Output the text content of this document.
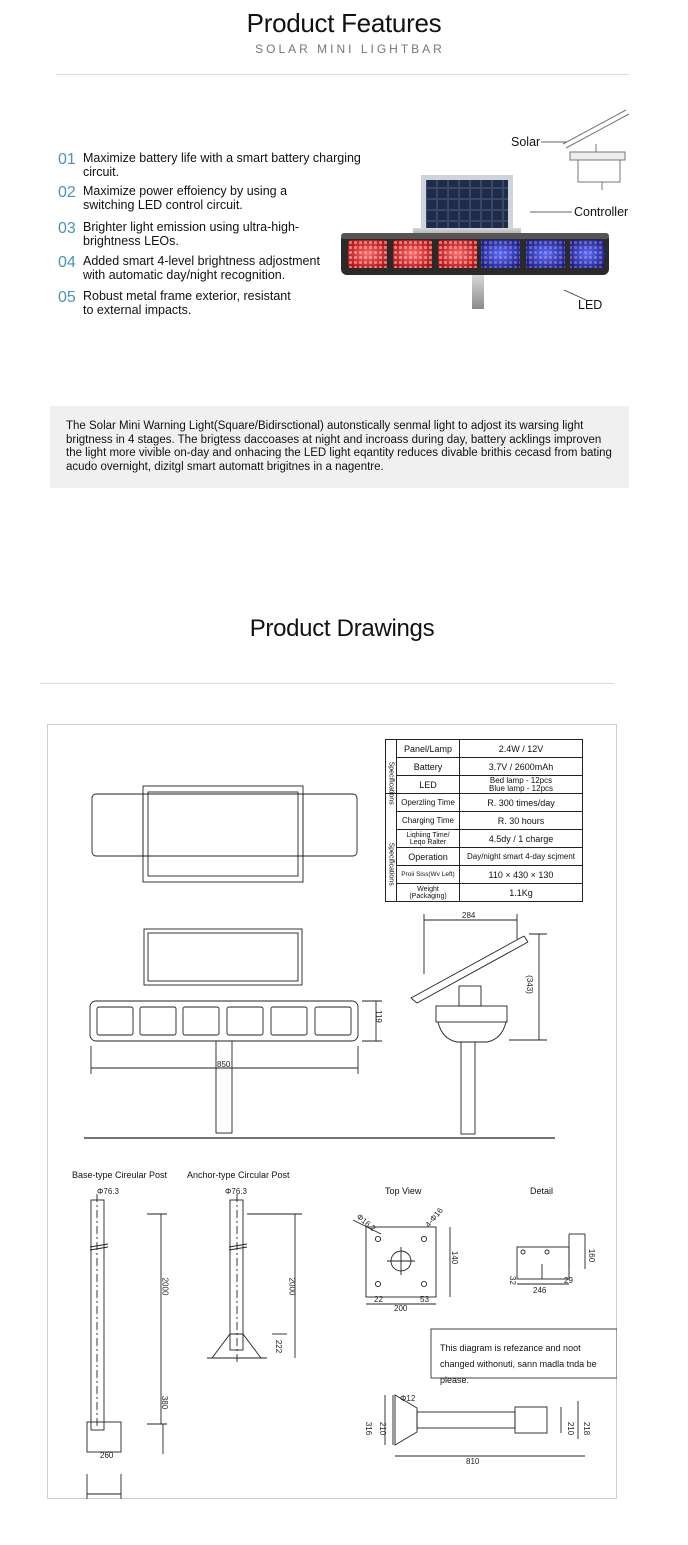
Product Features
SOLAR MINI LIGHTBAR
01 Maximize battery life with a smart battery charging circuit.
02 Maximize power effoiency by using a switching LED control circuit.
03 Brighter light emission using ultra-high-brightness LEOs.
04 Added smart 4-level brightness adjostment with automatic day/night recognition.
05 Robust metal frame exterior, resistant to external impacts.
Solar
Controller
LED
The Solar Mini Warning Light(Square/Bidirsctional) autonstically senmal light to adjost its warsing light brigtness in 4 stages. The brigtess daccoases at night and incroass during day, battery acklings improven the light more vivible on-day and onhacing the LED light eqantity reduces divable brithis cecasd from bating acudo overnight, dizitgl smart automatt brigitnes in a nagentre.
Product Drawings
Specifications	Panel/Lamp	2.4W / 12V
	Battery	3.7V / 2600mAh
	LED	Bed lamp - 12pcs
Blue lamp - 12pcs

Specifications	Operzling Time	R. 300 times/day
	Charging Time	R. 30 hours
	Liqhiing Time/
Leqo Ralter	4.5dy / 1 charge
	Operation	Day/night smart 4-day scjment
	Proii Siss(Wv Left)	110 × 430 × 130
	Weight (Packaging)	1.1Kg
850
119
284
(343)
Base-type Cireular Post Anchor-type Circular Post
Top View	Detail
Φ76.3	Φ76.3
2000	2000
380
222
260
Φ16.2	4-Φ16
140
200
22	53
160
246
29
32
This diagram is refezance and noot changed withonuti, sann madla tnda be please.
Φ12
810
316 210	210 218
